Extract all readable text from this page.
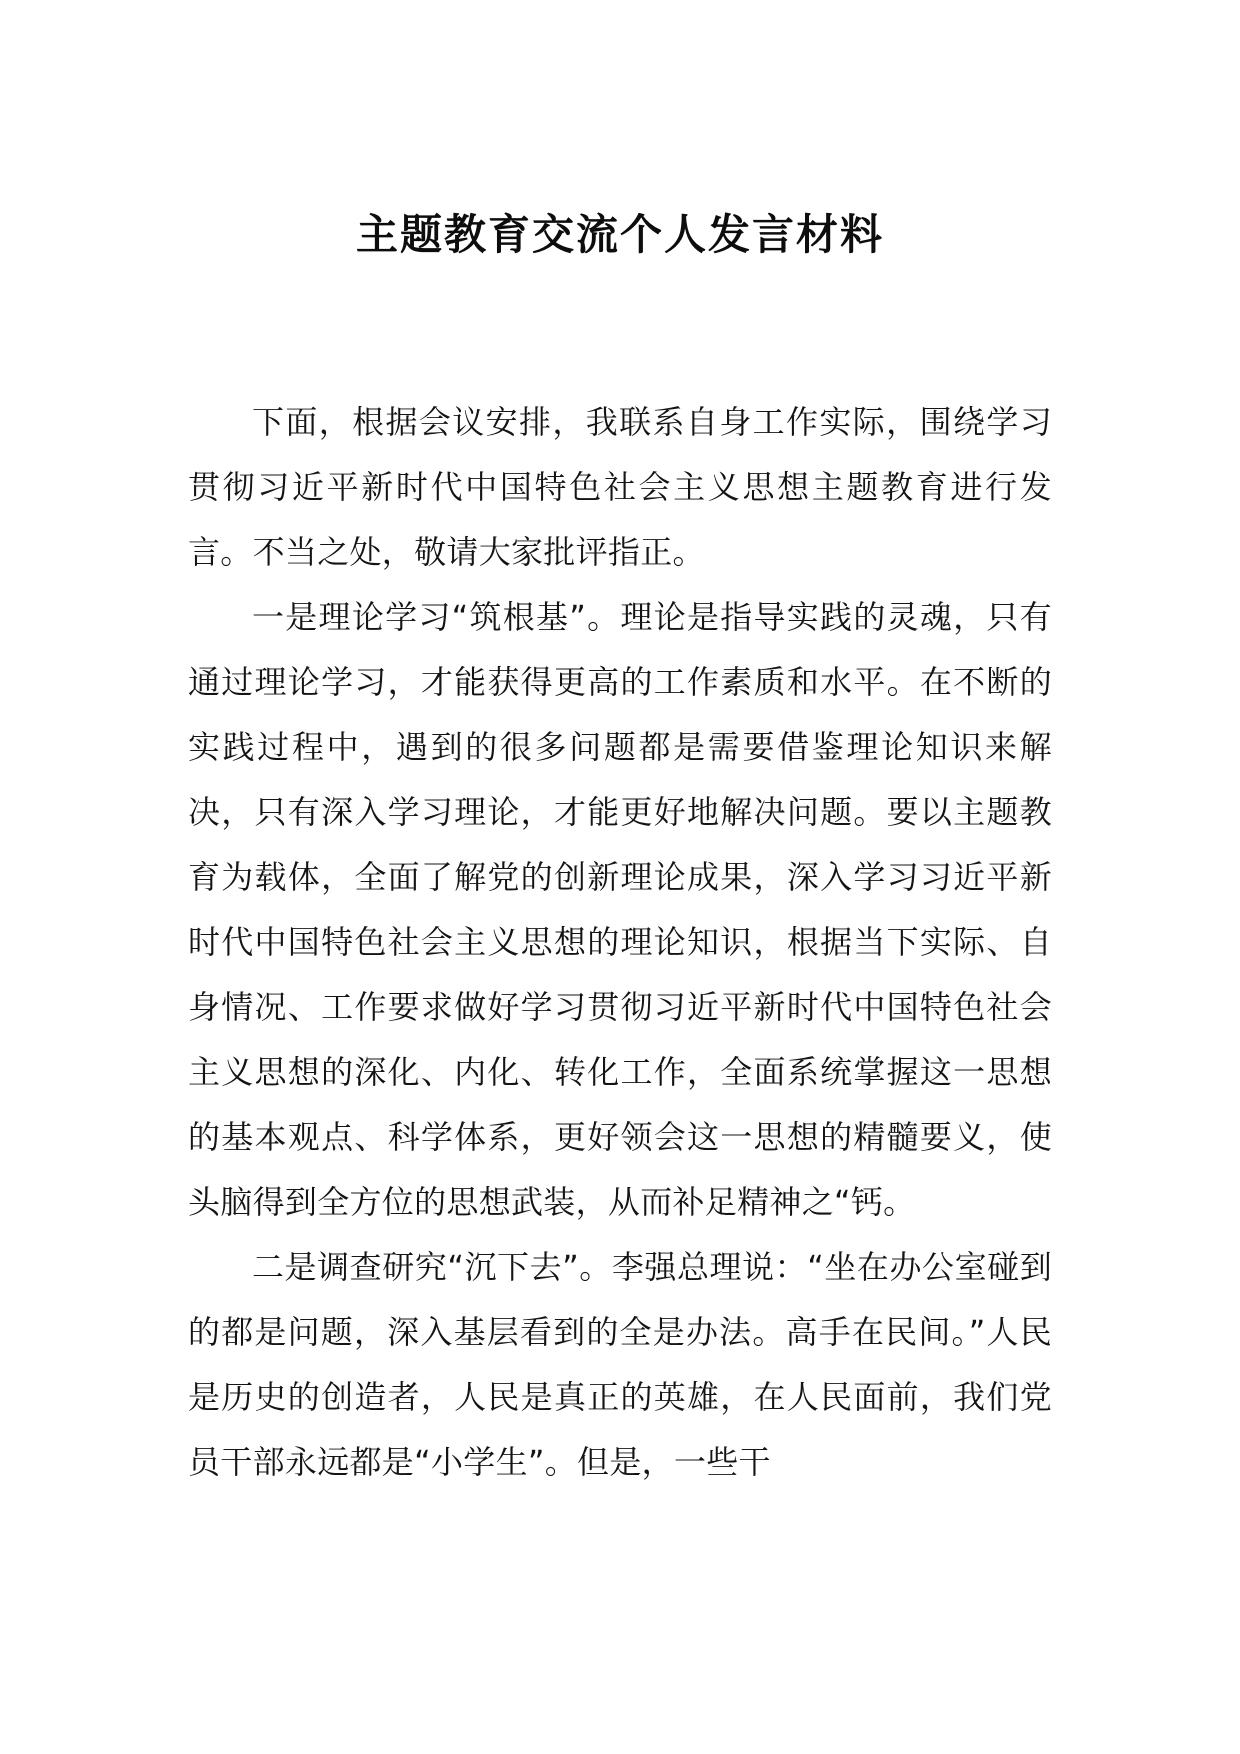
主题教育交流个人发言材料

下面，根据会议安排，我联系自身工作实际，围绕学习贯彻习近平新时代中国特色社会主义思想主题教育进行发言。不当之处，敬请大家批评指正。

一是理论学习“筑根基”。理论是指导实践的灵魂，只有通过理论学习，才能获得更高的工作素质和水平。在不断的实践过程中，遇到的很多问题都是需要借鉴理论知识来解决，只有深入学习理论，才能更好地解决问题。要以主题教育为载体，全面了解党的创新理论成果，深入学习习近平新时代中国特色社会主义思想的理论知识，根据当下实际、自身情况、工作要求做好学习贯彻习近平新时代中国特色社会主义思想的深化、内化、转化工作，全面系统掌握这一思想的基本观点、科学体系，更好领会这一思想的精髓要义，使头脑得到全方位的思想武装，从而补足精神之“钙。

二是调查研究“沉下去”。李强总理说：“坐在办公室碰到的都是问题，深入基层看到的全是办法。高手在民间。”人民是历史的创造者，人民是真正的英雄，在人民面前，我们党员干部永远都是“小学生”。但是，一些干
